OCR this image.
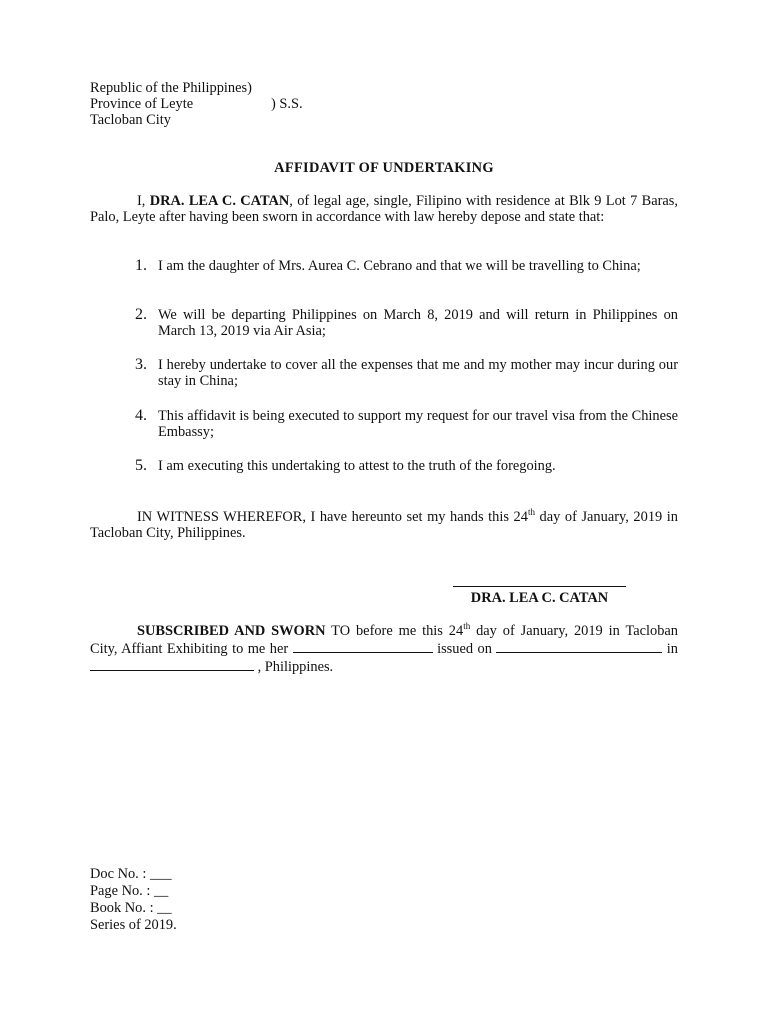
Republic of the Philippines)
Province of Leyte	) S.S.
Tacloban City
AFFIDAVIT OF UNDERTAKING
I, DRA. LEA C. CATAN, of legal age, single, Filipino with residence at Blk 9 Lot 7 Baras, Palo, Leyte after having been sworn in accordance with law hereby depose and state that:
1. I am the daughter of Mrs. Aurea C. Cebrano and that we will be travelling to China;
2. We will be departing Philippines on March 8, 2019 and will return in Philippines on March 13, 2019 via Air Asia;
3. I hereby undertake to cover all the expenses that me and my mother may incur during our stay in China;
4. This affidavit is being executed to support my request for our travel visa from the Chinese Embassy;
5. I am executing this undertaking to attest to the truth of the foregoing.
IN WITNESS WHEREFOR, I have hereunto set my hands this 24th day of January, 2019 in Tacloban City, Philippines.
DRA. LEA C. CATAN
SUBSCRIBED AND SWORN TO before me this 24th day of January, 2019 in Tacloban City, Affiant Exhibiting to me her	issued on	in , Philippines.
Doc No. : ___
Page No. : __
Book No. : __
Series of 2019.
